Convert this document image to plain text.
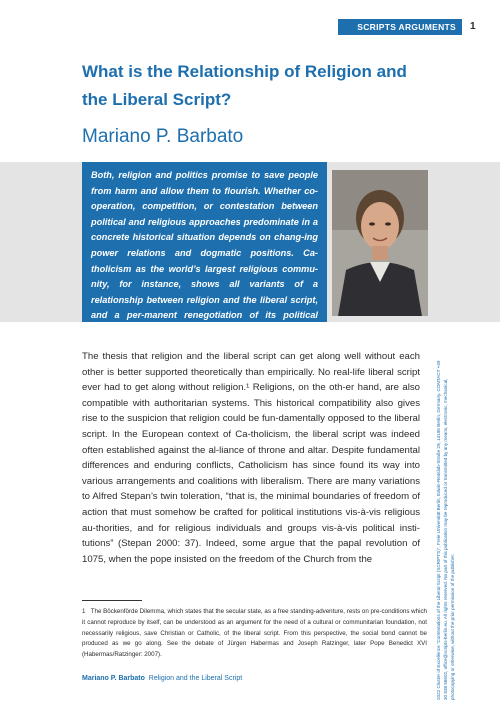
SCRIPTS ARGUMENTS	1
What is the Relationship of Religion and the Liberal Script?
Mariano P. Barbato
Both, religion and politics promise to save people from harm and allow them to flourish. Whether co-operation, competition, or contestation between political and religious approaches predominate in a concrete historical situation depends on chang-ing power relations and dogmatic positions. Ca-tholicism as the world’s largest religious commu-nity, for instance, shows all variants of a relationship between religion and the liberal script, and a per-manent renegotiation of its political positions.
The thesis that religion and the liberal script can get along well without each other is better supported theoretically than empirically. No real-life liberal script ever had to get along without religion.¹ Religions, on the oth-er hand, are also compatible with authoritarian systems. This historical compatibility also gives rise to the suspicion that religion could be fun-damentally opposed to the liberal script. In the European context of Ca-tholicism, the liberal script was indeed often established against the al-liance of throne and altar. Despite fundamental differences and enduring conflicts, Catholicism has since found its way into various arrangements and coalitions with liberalism. There are many variations to Alfred Stepan’s twin toleration, “that is, the minimal boundaries of freedom of action that must somehow be crafted for political institutions vis-à-vis religious au-thorities, and for religious individuals and groups vis-à-vis political insti-tutions” (Stepan 2000: 37). Indeed, some argue that the papal revolution of 1075, when the pope insisted on the freedom of the Church from the
1 The Böckenförde Dilemma, which states that the secular state, as a free standing-adventure, rests on pre-conditions which it cannot reproduce by itself, can be understood as an argument for the need of a cultural or communitarian foundation, not necessarily religious, save Christian or Catholic, of the liberal script. From this perspective, the social bond cannot be produced as we go along. See the debate of Jürgen Habermas and Joseph Ratzinger, later Pope Benedict XVI (Habermas/Ratzinger: 2007).
Mariano P. Barbato Religion and the Liberal Script	2022 Cluster of Excellence "Contestations of the Liberal Script (SCRIPTS)", Freie Universität Berlin, Edwin-Redslob-Straße 29, 14195 Berlin, Germany. CONTACT +49 30 838 58502, office@scripts-berlin.eu. All rights reserved. No part of this publication may be reproduced or transmitted by any means, electronic, mechanical, photocopying or otherwise, without the prior permission of the publisher.
